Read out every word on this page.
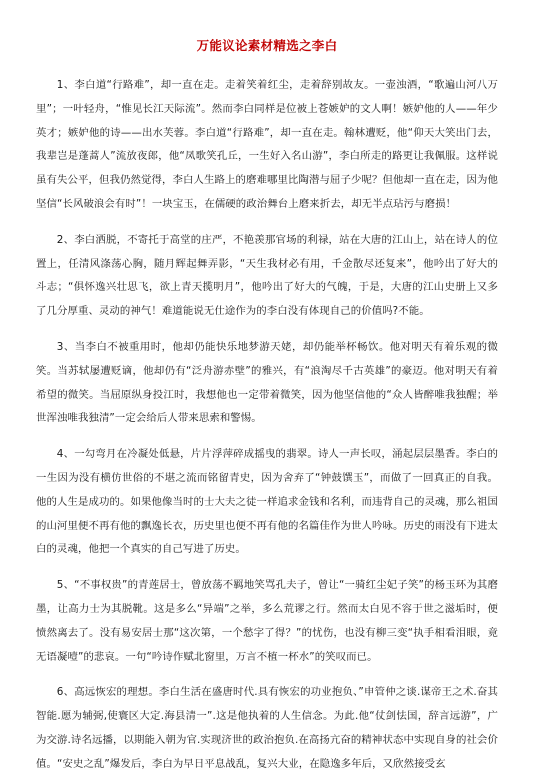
万能议论素材精选之李白

1、李白道“行路难”，却一直在走。走着笑着红尘，走着辞别故友。一壶浊酒，“歌遍山河八万里”；一叶轻舟，“惟见长江天际流”。然而李白同样是位被上苍嫉妒的文人啊！嫉妒他的人——年少英才；嫉妒他的诗——出水芙蓉。李白道“行路难”，却一直在走。翰林遭贬，他“仰天大笑出门去，我辈岂是蓬蒿人”流放夜郎，他“凤歌笑孔丘，一生好入名山游”，李白所走的路更让我佩服。这样说虽有失公平，但我仍然觉得，李白人生路上的磨难哪里比陶潜与屈子少呢？但他却一直在走，因为他坚信“长风破浪会有时”！一块宝玉，在儒硬的政治舞台上磨来折去，却无半点玷污与磨损！

2、李白洒脱，不寄托于高堂的庄严，不艳羡那官场的利禄，站在大唐的江山上，站在诗人的位置上，任清风涤荡心胸，随月辉起舞弄影，“天生我材必有用，千金散尽还复来”，他吟出了好大的斗志；“俱怀逸兴壮思飞，欲上青天揽明月”，他吟出了好大的气魄，于是，大唐的江山史册上又多了几分厚重、灵动的神气！难道能说无仕途作为的李白没有体现自己的价值吗?不能。

3、当李白不被重用时，他却仍能快乐地梦游天姥，却仍能举杯畅饮。他对明天有着乐观的微笑。当苏轼屡遭贬谪，他却仍有“泛舟游赤壁”的雅兴，有“浪淘尽千古英雄”的豪迈。他对明天有着希望的微笑。当屈原纵身投江时，我想他也一定带着微笑，因为他坚信他的“众人皆醉唯我独醒；举世浑浊唯我独清”一定会给后人带来思索和警惕。

4、一勾弯月在冷凝处低悬，片片浮萍碎成摇曳的翡翠。诗人一声长叹，涌起层层墨香。李白的一生因为没有横仿世俗的不堪之流而铭留青史，因为舍弃了“钟鼓馔玉”，而做了一回真正的自我。他的人生是成功的。如果他像当时的士大夫之徒一样追求金钱和名利，而违背自己的灵魂，那么祖国的山河里便不再有他的飘逸长衣，历史里也便不再有他的名篇佳作为世人吟咏。历史的雨没有下进太白的灵魂，他把一个真实的自己写进了历史。

5、“不事权贵”的青莲居士，曾放荡不羁地笑骂孔夫子，曾让“一骑红尘妃子笑”的杨玉环为其磨墨，让高力士为其脱靴。这是多么“异端”之举，多么荒谬之行。然而太白见不容于世之滋垢时，便愤然离去了。没有易安居士那“这次第，一个愁字了得？”的忧伤，也没有柳三变“执手相看泪眼，竟无语凝噎”的悲哀。一句“吟诗作赋北窗里，万言不植一杯水”的笑叹而已。

6、高远恢宏的理想。李白生活在盛唐时代.具有恢宏的功业抱负、”申管仲之谈.谋帝王之术.奋其智能.愿为辅弼,使寰区大定.海县清一”.这是他执着的人生信念。为此.他“仗剑怯国，辞言远游”，广为交游.诗名远播，以期能入朝为官.实现济世的政治抱负.在高扬亢奋的精神状态中实现自身的社会价值。“安史之乱”爆发后，李白为早日平息战乱，复兴大业，在隐逸多年后，又欣然接受玄
